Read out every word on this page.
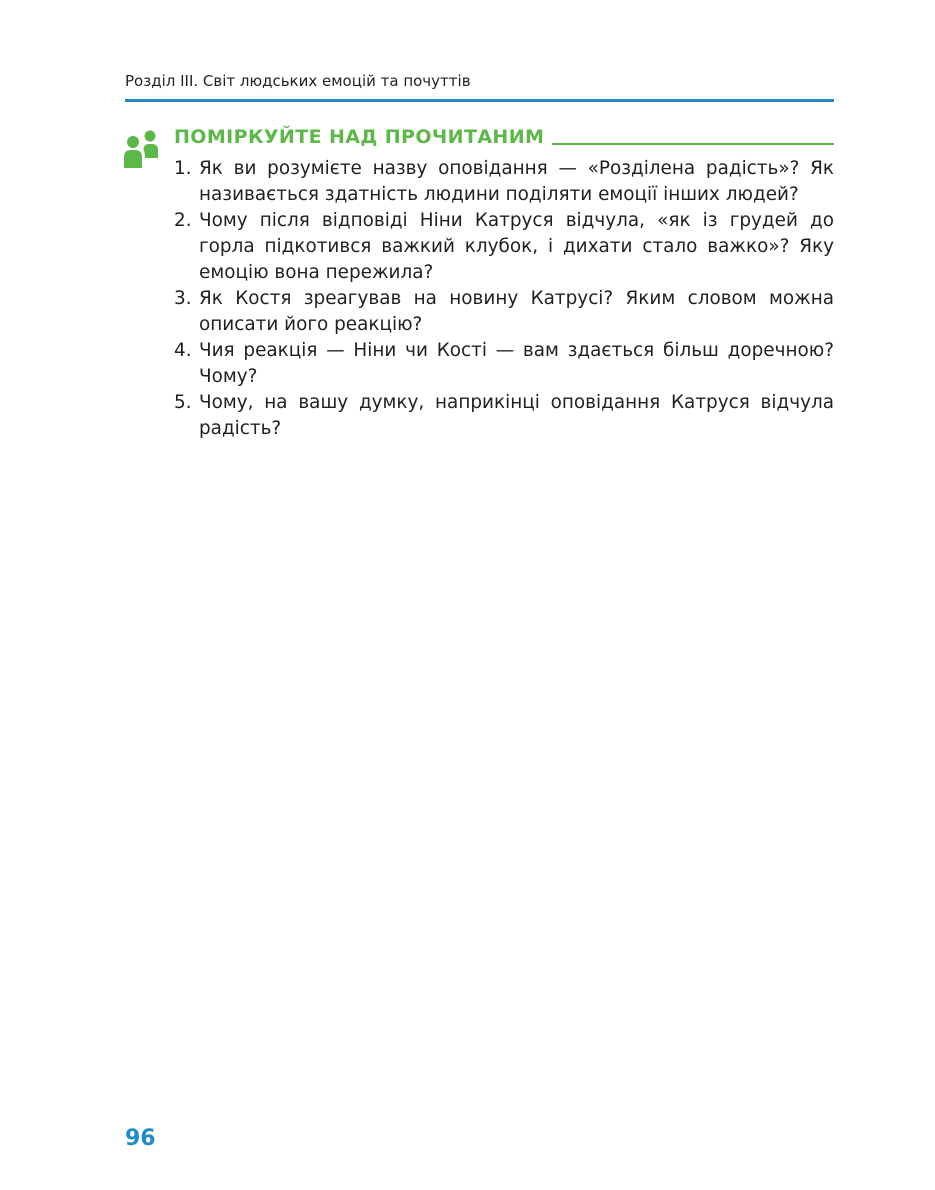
Розділ ІІІ. Світ людських емоцій та почуттів
ПОМІРКУЙТЕ НАД ПРОЧИТАНИМ
1. Як ви розумієте назву оповідання — «Розділена радість»? Як називається здатність людини поділяти емоції інших людей?
2. Чому після відповіді Ніни Катруся відчула, «як із грудей до горла підкотився важкий клубок, і дихати стало важко»? Яку емоцію вона пережила?
3. Як Костя зреагував на новину Катрусі? Яким словом можна описати його реакцію?
4. Чия реакція — Ніни чи Кості — вам здається більш доречною? Чому?
5. Чому, на вашу думку, наприкінці оповідання Катруся відчула радість?
96
